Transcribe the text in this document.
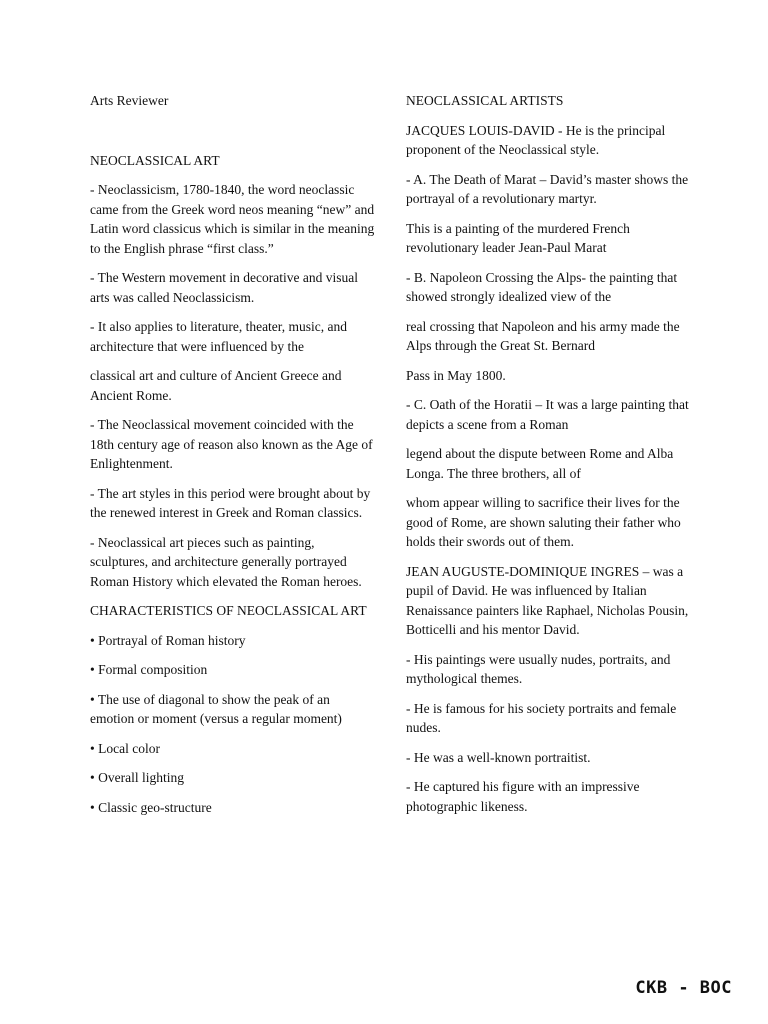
Arts Reviewer
NEOCLASSICAL ART
- Neoclassicism, 1780-1840, the word neoclassic came from the Greek word neos meaning “new” and Latin word classicus which is similar in the meaning to the English phrase “first class.”
- The Western movement in decorative and visual arts was called Neoclassicism.
- It also applies to literature, theater, music, and architecture that were influenced by the
classical art and culture of Ancient Greece and Ancient Rome.
- The Neoclassical movement coincided with the 18th century age of reason also known as the Age of Enlightenment.
- The art styles in this period were brought about by the renewed interest in Greek and Roman classics.
- Neoclassical art pieces such as painting, sculptures, and architecture generally portrayed Roman History which elevated the Roman heroes.
CHARACTERISTICS OF NEOCLASSICAL ART
• Portrayal of Roman history
• Formal composition
• The use of diagonal to show the peak of an emotion or moment (versus a regular moment)
• Local color
• Overall lighting
• Classic geo-structure
NEOCLASSICAL ARTISTS
JACQUES LOUIS-DAVID - He is the principal proponent of the Neoclassical style.
- A. The Death of Marat – David’s master shows the portrayal of a revolutionary martyr.
This is a painting of the murdered French revolutionary leader Jean-Paul Marat
- B. Napoleon Crossing the Alps- the painting that showed strongly idealized view of the
real crossing that Napoleon and his army made the Alps through the Great St. Bernard
Pass in May 1800.
- C. Oath of the Horatii – It was a large painting that depicts a scene from a Roman
legend about the dispute between Rome and Alba Longa. The three brothers, all of
whom appear willing to sacrifice their lives for the good of Rome, are shown saluting their father who holds their swords out of them.
JEAN AUGUSTE-DOMINIQUE INGRES – was a pupil of David. He was influenced by Italian Renaissance painters like Raphael, Nicholas Pousin, Botticelli and his mentor David.
- His paintings were usually nudes, portraits, and mythological themes.
- He is famous for his society portraits and female nudes.
- He was a well-known portraitist.
- He captured his figure with an impressive photographic likeness.
CKB - BOC
